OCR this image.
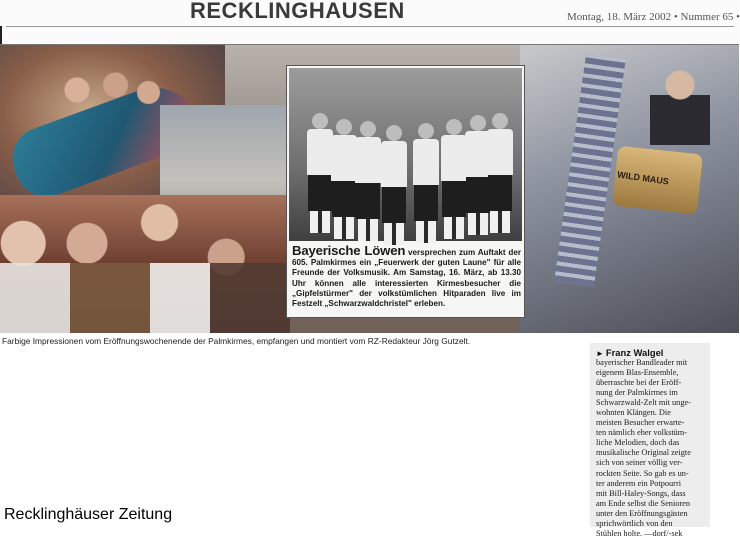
RECKLINGHAUSEN	Montag, 18. März 2002 • Nummer 65 •
WILD MAUS
Bayerische Löwen versprechen zum Auftakt der 605. Palmkirmes ein „Feuerwerk der guten Laune" für alle Freunde der Volksmusik. Am Samstag, 16. März, ab 13.30 Uhr können alle interessierten Kirmesbesucher die „Gipfelstürmer" der volkstümlichen Hitparaden live im Festzelt „Schwarzwaldchristel" erleben.
Farbige Impressionen vom Eröffnungswochenende der Palmkirmes, empfangen und montiert vom RZ-Redakteur Jörg Gutzelt.
► Franz Walgel
bayerischer Bandleader mit
eigenem Blas-Ensemble,
überraschte bei der Eröff-
nung der Palmkirmes im
Schwarzwald-Zelt mit unge-
wohnten Klängen. Die
meisten Besucher erwarte-
ten nämlich eher volkstüm-
liche Melodien, doch das
musikalische Original zeigte
sich von seiner völlig ver-
rockten Seite. So gab es un-
ter anderem ein Potpourri
mit Bill-Haley-Songs, dass
am Ende selbst die Senioren
unter den Eröffnungsgästen
sprichwörtlich von den
Stühlen holte. —dorf/-sek
Recklinghäuser Zeitung
